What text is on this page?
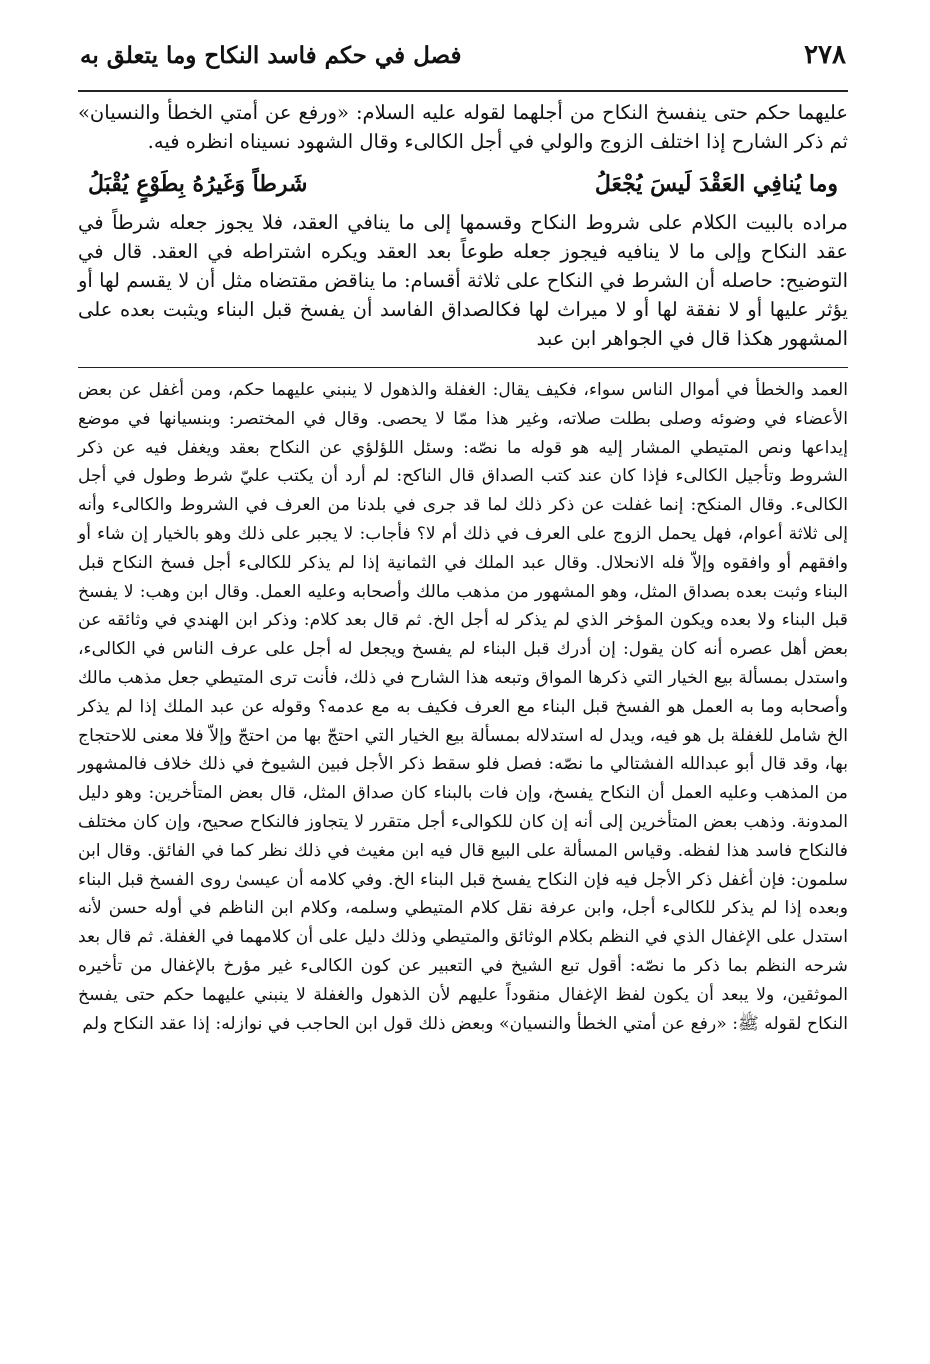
٢٧٨
فصل في حكم فاسد النكاح وما يتعلق به

عليهما حكم حتى ينفسخ النكاح من أجلهما لقوله عليه السلام: «ورفع عن أمتي الخطأ والنسيان» ثم ذكر الشارح إذا اختلف الزوج والولي في أجل الكالىء وقال الشهود نسيناه انظره فيه.

وما يُنافِي العَقْدَ لَيسَ يُجْعَلُ
شَرطاً وَغَيرُهُ بِطَوْعٍ يُقْبَلُ

مراده بالبيت الكلام على شروط النكاح وقسمها إلى ما ينافي العقد، فلا يجوز جعله شرطاً في عقد النكاح وإلى ما لا ينافيه فيجوز جعله طوعاً بعد العقد ويكره اشتراطه في العقد. قال في التوضيح: حاصله أن الشرط في النكاح على ثلاثة أقسام: ما يناقض مقتضاه مثل أن لا يقسم لها أو يؤثر عليها أو لا نفقة لها أو لا ميراث لها فكالصداق الفاسد أن يفسخ قبل البناء ويثبت بعده على المشهور هكذا قال في الجواهر ابن عبد

العمد والخطأ في أموال الناس سواء، فكيف يقال: الغفلة والذهول لا ينبني عليهما حكم، ومن أغفل عن بعض الأعضاء في وضوئه وصلى بطلت صلاته، وغير هذا ممّا لا يحصى. وقال في المختصر: وبنسيانها في موضع إيداعها ونص المتيطي المشار إليه هو قوله ما نصّه: وسئل اللؤلؤي عن النكاح بعقد ويغفل فيه عن ذكر الشروط وتأجيل الكالىء فإذا كان عند كتب الصداق قال الناكح: لم أرد أن يكتب عليّ شرط وطول في أجل الكالىء. وقال المنكح: إنما غفلت عن ذكر ذلك لما قد جرى في بلدنا من العرف في الشروط والكالىء وأنه إلى ثلاثة أعوام، فهل يحمل الزوج على العرف في ذلك أم لا؟ فأجاب: لا يجبر على ذلك وهو بالخيار إن شاء أو وافقهم أو وافقوه وإلاّ فله الانحلال. وقال عبد الملك في الثمانية إذا لم يذكر للكالىء أجل فسخ النكاح قبل البناء وثبت بعده بصداق المثل، وهو المشهور من مذهب مالك وأصحابه وعليه العمل. وقال ابن وهب: لا يفسخ قبل البناء ولا بعده ويكون المؤخر الذي لم يذكر له أجل الخ. ثم قال بعد كلام: وذكر ابن الهندي في وثائقه عن بعض أهل عصره أنه كان يقول: إن أدرك قبل البناء لم يفسخ ويجعل له أجل على عرف الناس في الكالىء، واستدل بمسألة بيع الخيار التي ذكرها المواق وتبعه هذا الشارح في ذلك، فأنت ترى المتيطي جعل مذهب مالك وأصحابه وما به العمل هو الفسخ قبل البناء مع العرف فكيف به مع عدمه؟ وقوله عن عبد الملك إذا لم يذكر الخ شامل للغفلة بل هو فيه، ويدل له استدلاله بمسألة بيع الخيار التي احتجّ بها من احتجّ وإلاّ فلا معنى للاحتجاج بها، وقد قال أبو عبدالله الفشتالي ما نصّه: فصل فلو سقط ذكر الأجل فبين الشيوخ في ذلك خلاف فالمشهور من المذهب وعليه العمل أن النكاح يفسخ، وإن فات بالبناء كان صداق المثل، قال بعض المتأخرين: وهو دليل المدونة. وذهب بعض المتأخرين إلى أنه إن كان للكوالىء أجل متقرر لا يتجاوز فالنكاح صحيح، وإن كان مختلف فالنكاح فاسد هذا لفظه. وقياس المسألة على البيع قال فيه ابن مغيث في ذلك نظر كما في الفائق. وقال ابن سلمون: فإن أغفل ذكر الأجل فيه فإن النكاح يفسخ قبل البناء الخ. وفي كلامه أن عيسىٰ روى الفسخ قبل البناء وبعده إذا لم يذكر للكالىء أجل، وابن عرفة نقل كلام المتيطي وسلمه، وكلام ابن الناظم في أوله حسن لأنه استدل على الإغفال الذي في النظم بكلام الوثائق والمتيطي وذلك دليل على أن كلامهما في الغفلة. ثم قال بعد شرحه النظم بما ذكر ما نصّه: أقول تبع الشيخ في التعبير عن كون الكالىء غير مؤرخ بالإغفال من تأخيره الموثقين، ولا يبعد أن يكون لفظ الإغفال منقوداً عليهم لأن الذهول والغفلة لا ينبني عليهما حكم حتى يفسخ النكاح لقوله ﷺ: «رفع عن أمتي الخطأ والنسيان» وبعض ذلك قول ابن الحاجب في نوازله: إذا عقد النكاح ولم
